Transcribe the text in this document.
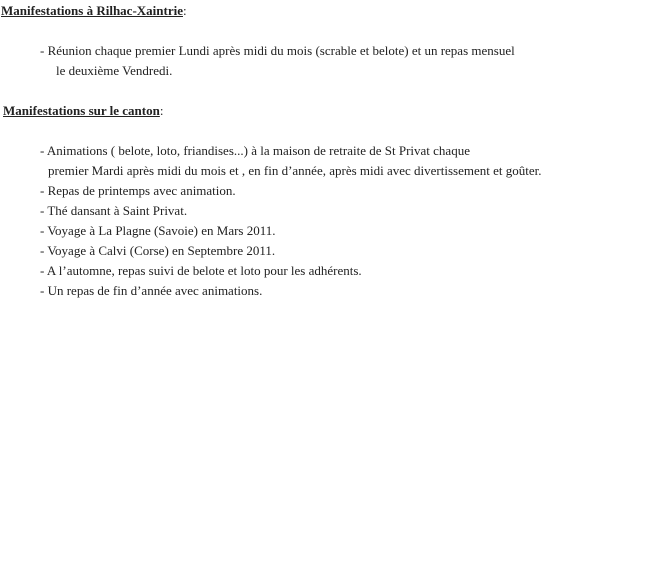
Manifestations à Rilhac-Xaintrie:

- Réunion chaque premier Lundi après midi du mois (scrable et belote) et un repas mensuel

le deuxième Vendredi.

Manifestations sur le canton:

- Animations ( belote, loto, friandises...) à la maison de retraite de St Privat chaque

premier Mardi après midi du mois et , en fin d’année, après midi avec divertissement et goûter.

- Repas de printemps avec animation.

- Thé dansant à Saint Privat.

- Voyage à La Plagne (Savoie) en Mars 2011.

- Voyage à Calvi (Corse) en Septembre 2011.

- A l’automne, repas suivi de belote et loto pour les adhérents.

- Un repas de fin d’année avec animations.
